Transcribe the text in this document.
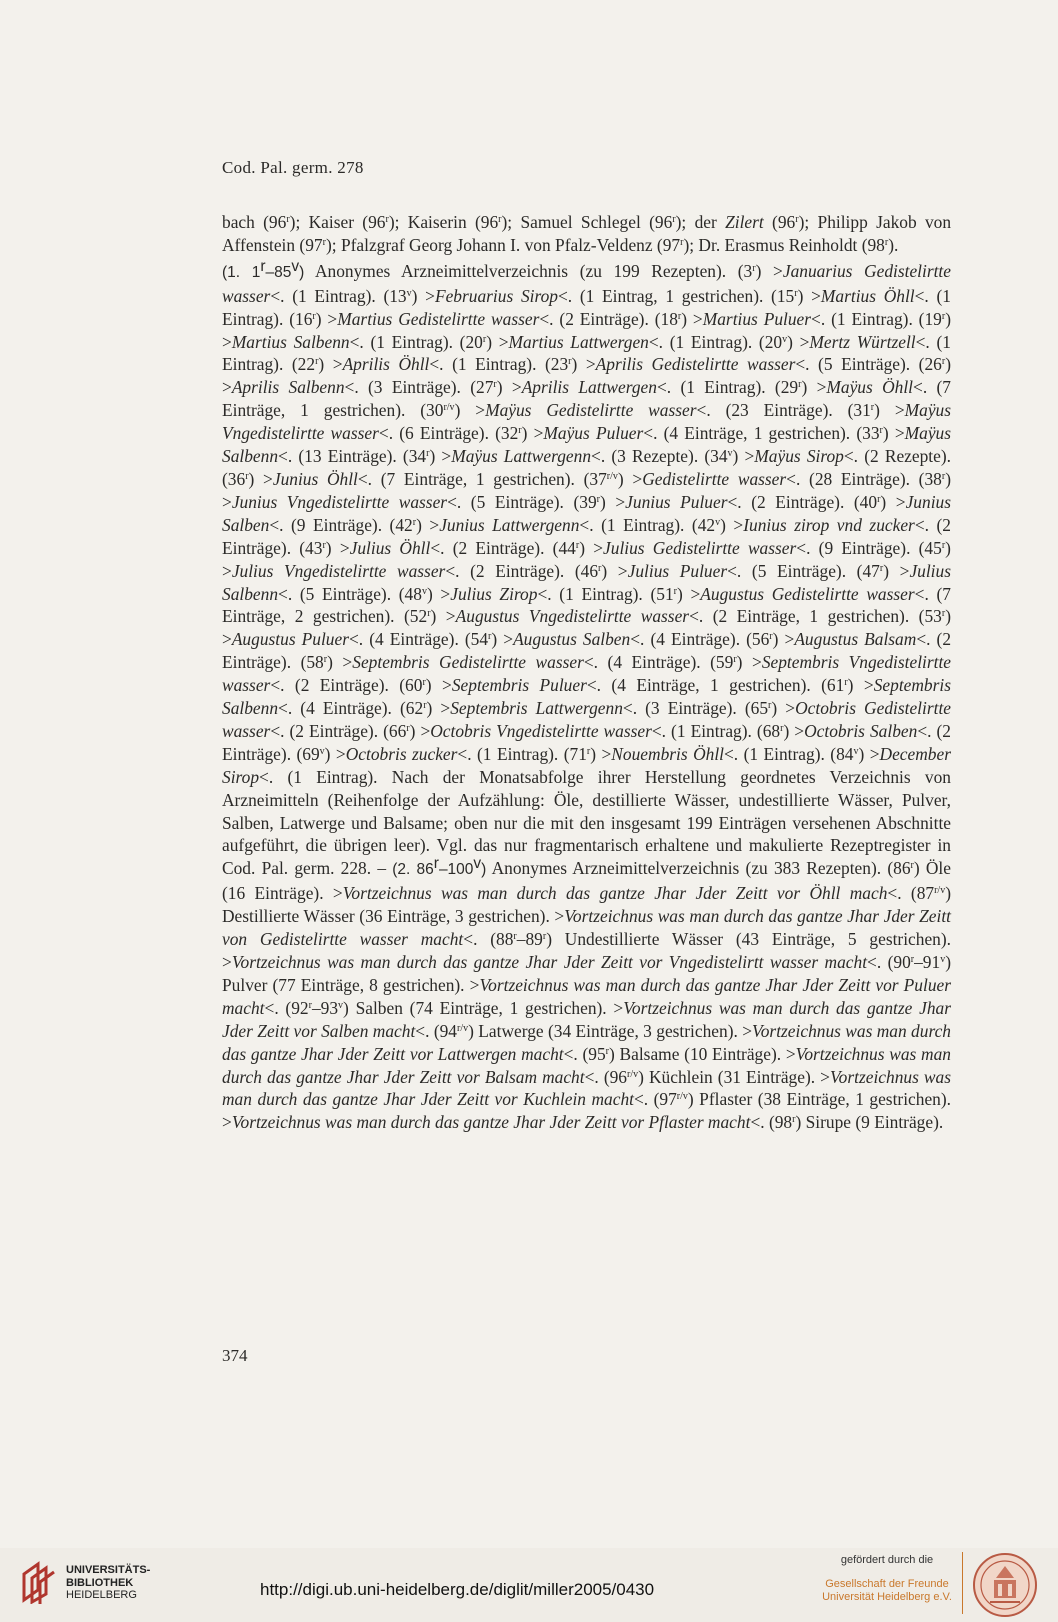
Cod. Pal. germ. 278

bach (96$^r$); Kaiser (96$^r$); Kaiserin (96$^r$); Samuel Schlegel (96$^r$); der Zilert (96$^r$); Philipp Jakob von Affenstein (97$^r$); Pfalzgraf Georg Johann I. von Pfalz-Veldenz (97$^r$); Dr. Erasmus Reinholdt (98$^r$).

(1. 1$^r$–85$^v$) Anonymes Arzneimittelverzeichnis (zu 199 Rezepten). $(3^r)$ >Januarius Gedistelirtte wasser<. (1 Eintrag). $(13^v)$ >Februarius Sirop<. (1 Eintrag, 1 gestrichen). $(15^r)$ >Martius Öhll<. (1 Eintrag). $(16^r)$ >Martius Gedistelirtte wasser<. (2 Einträge). $(18^r)$ >Martius Puluer<. (1 Eintrag). $(19^r)$ >Martius Salbenn<. (1 Eintrag). $(20^r)$ >Martius Lattwergen<. (1 Eintrag). $(20^v)$ >Mertz Würtzell<. (1 Eintrag). $(22^r)$ >Aprilis Öhll<. (1 Eintrag). $(23^r)$ >Aprilis Gedistelirtte wasser<. (5 Einträge). $(26^r)$ >Aprilis Salbenn<. (3 Einträge). $(27^r)$ >Aprilis Lattwergen<. (1 Eintrag). $(29^r)$ >Maÿus Öhll<. (7 Einträge, 1 gestrichen). $(30^{r/v})$ >Maÿus Gedistelirtte wasser<. (23 Einträge). $(31^r)$ >Maÿus Vngedistelirtte wasser<. (6 Einträge). $(32^r)$ >Maÿus Puluer<. (4 Einträge, 1 gestrichen). $(33^r)$ >Maÿus Salbenn<. (13 Einträge). $(34^r)$ >Maÿus Lattwergenn<. (3 Rezepte). $(34^v)$ >Maÿus Sirop<. (2 Rezepte). $(36^r)$ >Junius Öhll<. (7 Einträge, 1 gestrichen). $(37^{r/v})$ >Gedistelirtte wasser<. (28 Einträge). $(38^r)$ >Junius Vngedistelirtte wasser<. (5 Einträge). $(39^r)$ >Junius Puluer<. (2 Einträge). $(40^r)$ >Junius Salben<. (9 Einträge). $(42^r)$ >Junius Lattwergenn<. (1 Eintrag). $(42^v)$ >Iunius zirop vnd zucker<. (2 Einträge). $(43^r)$ >Julius Öhll<. (2 Einträge). $(44^r)$ >Julius Gedistelirtte wasser<. (9 Einträge). $(45^r)$ >Julius Vngedistelirtte wasser<. (2 Einträge). $(46^r)$ >Julius Puluer<. (5 Einträge). $(47^r)$ >Julius Salbenn<. (5 Einträge). $(48^v)$ >Julius Zirop<. (1 Eintrag). $(51^r)$ >Augustus Gedistelirtte wasser<. (7 Einträge, 2 gestrichen). $(52^r)$ >Augustus Vngedistelirtte wasser<. (2 Einträge, 1 gestrichen). $(53^r)$ >Augustus Puluer<. (4 Einträge). $(54^r)$ >Augustus Salben<. (4 Einträge). $(56^r)$ >Augustus Balsam<. (2 Einträge). $(58^r)$ >Septembris Gedistelirtte wasser<. (4 Einträge). $(59^r)$ >Septembris Vngedistelirtte wasser<. (2 Einträge). $(60^r)$ >Septembris Puluer<. (4 Einträge, 1 gestrichen). $(61^r)$ >Septembris Salbenn<. (4 Einträge). $(62^r)$ >Septembris Lattwergenn<. (3 Einträge). $(65^r)$ >Octobris Gedistelirtte wasser<. (2 Einträge). $(66^r)$ >Octobris Vngedistelirtte wasser<. (1 Eintrag). $(68^r)$ >Octobris Salben<. (2 Einträge). $(69^v)$ >Octobris zucker<. (1 Eintrag). $(71^r)$ >Nouembris Öhll<. (1 Eintrag). $(84^v)$ >December Sirop<. (1 Eintrag). Nach der Monatsabfolge ihrer Herstellung geordnetes Verzeichnis von Arzneimitteln (Reihenfolge der Aufzählung: Öle, destillierte Wässer, undestillierte Wässer, Pulver, Salben, Latwerge und Balsame; oben nur die mit den insgesamt 199 Einträgen versehenen Abschnitte aufgeführt, die übrigen leer). Vgl. das nur fragmentarisch erhaltene und makulierte Rezeptregister in Cod. Pal. germ. 228. – (2. 86$^r$–100$^v$) Anonymes Arzneimittelverzeichnis (zu 383 Rezepten). (86$^r$) Öle (16 Einträge). >Vortzeichnus was man durch das gantze Jhar Jder Zeitt vor Öhll mach<. $(87^{r/v})$ Destillierte Wässer (36 Einträge, 3 gestrichen). >Vortzeichnus was man durch das gantze Jhar Jder Zeitt von Gedistelirtte wasser macht<. (88$^r$–89$^r$) Undestillierte Wässer (43 Einträge, 5 gestrichen). >Vortzeichnus was man durch das gantze Jhar Jder Zeitt vor Vngedistelirtt wasser macht<. (90$^r$–91$^v$) Pulver (77 Einträge, 8 gestrichen). >Vortzeichnus was man durch das gantze Jhar Jder Zeitt vor Puluer macht<. (92$^r$–93$^v$) Salben (74 Einträge, 1 gestrichen). >Vortzeichnus was man durch das gantze Jhar Jder Zeitt vor Salben macht<. $(94^{r/v})$ Latwerge (34 Einträge, 3 gestrichen). >Vortzeichnus was man durch das gantze Jhar Jder Zeitt vor Lattwergen macht<. (95$^r$) Balsame (10 Einträge). >Vortzeichnus was man durch das gantze Jhar Jder Zeitt vor Balsam macht<. $(96^{r/v})$ Küchlein (31 Einträge). >Vortzeichnus was man durch das gantze Jhar Jder Zeitt vor Kuchlein macht<. $(97^{r/v})$ Pflaster (38 Einträge, 1 gestrichen). >Vortzeichnus was man durch das gantze Jhar Jder Zeitt vor Pflaster macht<. (98$^r$) Sirupe (9 Einträge).

374
UNIVERSITÄTS-
BIBLIOTHEK
HEIDELBERG	http://digi.ub.uni-heidelberg.de/diglit/miller2005/0430
gefördert durch die
Gesellschaft der Freunde
Universität Heidelberg e.V.
